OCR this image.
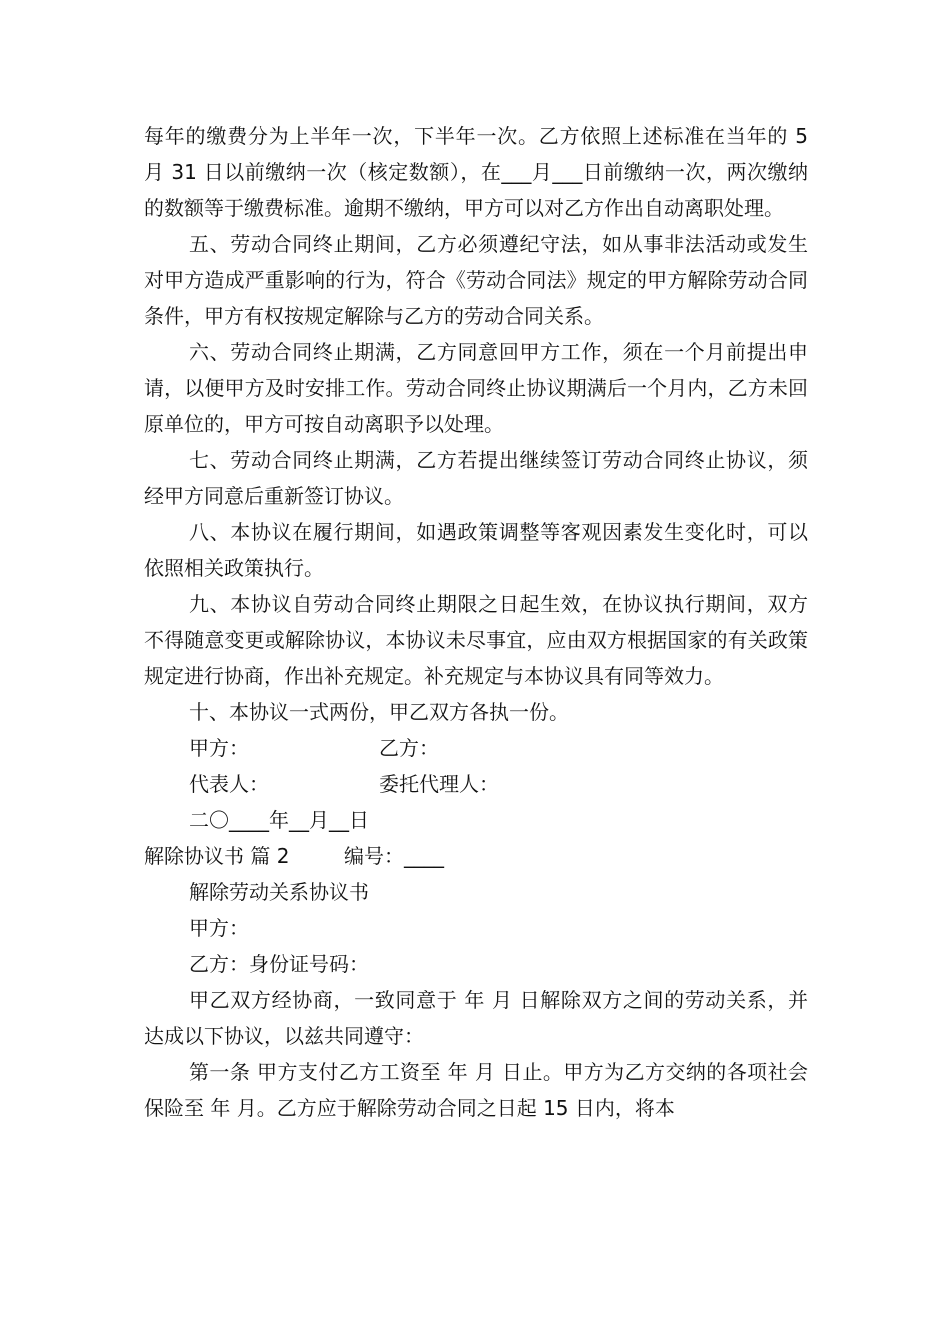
每年的缴费分为上半年一次，下半年一次。乙方依照上述标准在当年的 5 月 31 日以前缴纳一次（核定数额），在___月___日前缴纳一次，两次缴纳的数额等于缴费标准。逾期不缴纳，甲方可以对乙方作出自动离职处理。

五、劳动合同终止期间，乙方必须遵纪守法，如从事非法活动或发生对甲方造成严重影响的行为，符合《劳动合同法》规定的甲方解除劳动合同条件，甲方有权按规定解除与乙方的劳动合同关系。

六、劳动合同终止期满，乙方同意回甲方工作，须在一个月前提出申请，以便甲方及时安排工作。劳动合同终止协议期满后一个月内，乙方未回原单位的，甲方可按自动离职予以处理。

七、劳动合同终止期满，乙方若提出继续签订劳动合同终止协议，须经甲方同意后重新签订协议。

八、本协议在履行期间，如遇政策调整等客观因素发生变化时，可以依照相关政策执行。

九、本协议自劳动合同终止期限之日起生效，在协议执行期间，双方不得随意变更或解除协议，本协议未尽事宜，应由双方根据国家的有关政策规定进行协商，作出补充规定。补充规定与本协议具有同等效力。

十、本协议一式两份，甲乙双方各执一份。

甲方：	乙方：

代表人：	委托代理人：

二〇____年__月__日

解除协议书 篇 2	编号：____

解除劳动关系协议书

甲方：

乙方：身份证号码：

甲乙双方经协商，一致同意于 年 月 日解除双方之间的劳动关系，并达成以下协议，以兹共同遵守：

第一条 甲方支付乙方工资至 年 月 日止。甲方为乙方交纳的各项社会保险至 年 月。乙方应于解除劳动合同之日起 15 日内，将本
